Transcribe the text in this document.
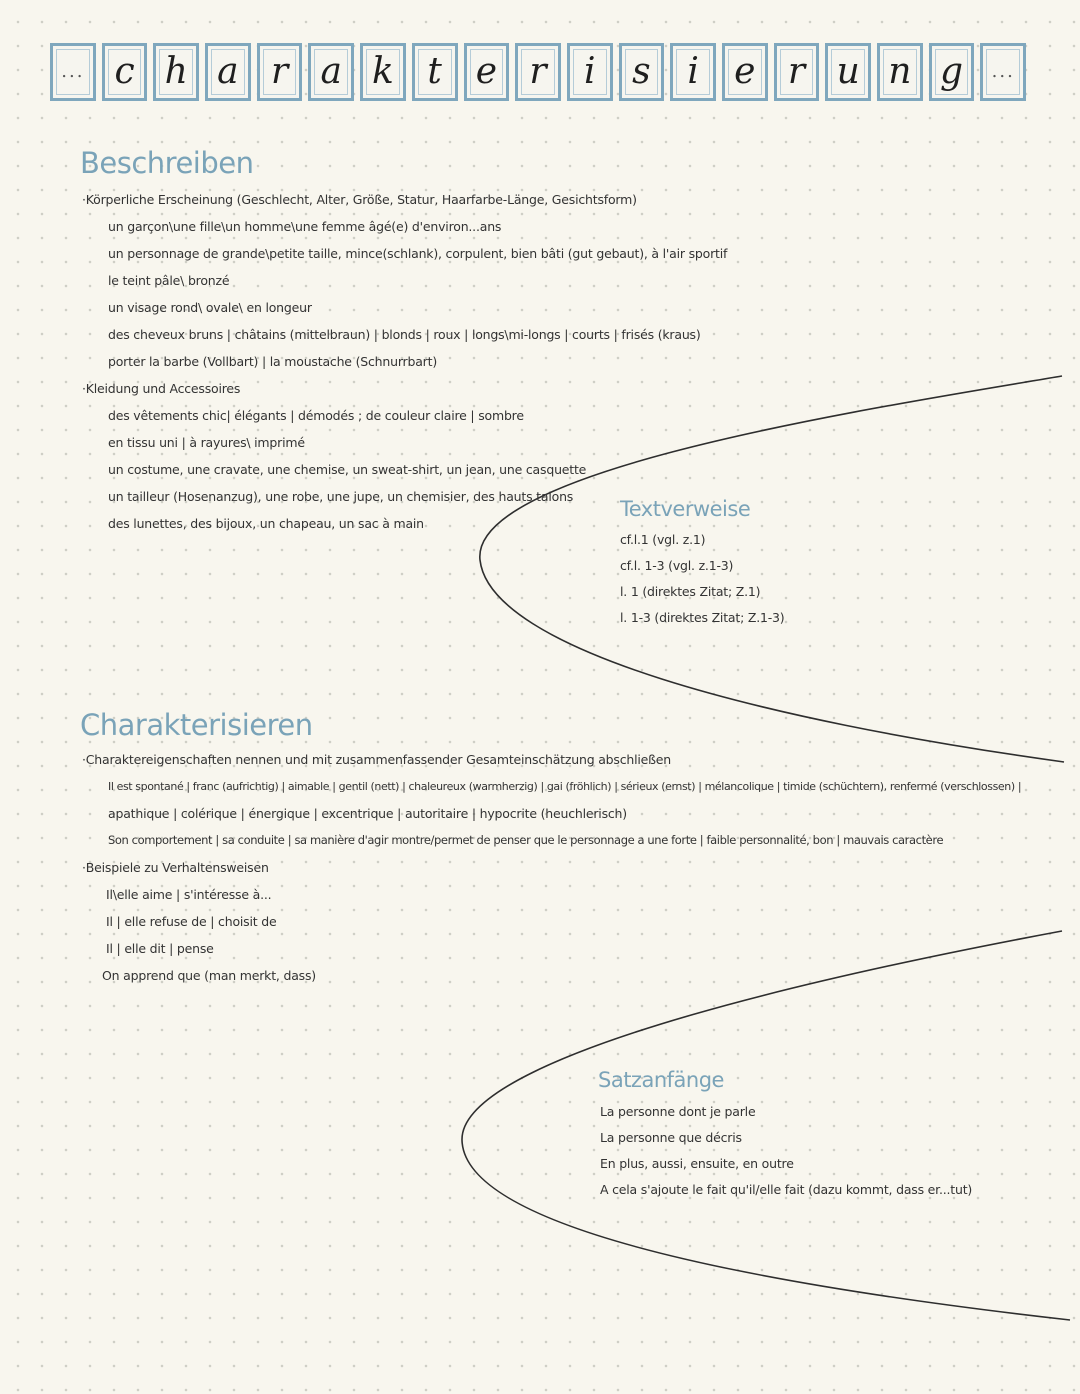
... c h a r a k t e r	i	s	i e r u n g	...
Beschreiben
·Körperliche Erscheinung (Geschlecht, Alter, Größe, Statur, Haarfarbe-Länge, Gesichtsform)
un garçon\une fille\un homme\une femme âgé(e) d'environ...ans
un personnage de grande\petite taille, mince(schlank), corpulent, bien bâti (gut gebaut), à l'air sportif
le teint pâle\ bronzé
un visage rond\ ovale\ en longeur
des cheveux bruns | châtains (mittelbraun) | blonds | roux | longs\mi-longs | courts | frisés (kraus)
porter la barbe (Vollbart) | la moustache (Schnurrbart)
·Kleidung und Accessoires
des vêtements chic| élégants | démodés ; de couleur claire | sombre
en tissu uni | à rayures\ imprimé
un costume, une cravate, une chemise, un sweat-shirt, un jean, une casquette
un tailleur (Hosenanzug), une robe, une jupe, un chemisier, des hauts talons
des lunettes, des bijoux, un chapeau, un sac à main
Textverweise
cf.l.1 (vgl. z.1)
cf.l. 1-3 (vgl. z.1-3)
l. 1 (direktes Zitat; Z.1)
l. 1-3 (direktes Zitat; Z.1-3)
Charakterisieren
·Charaktereigenschaften nennen und mit zusammenfassender Gesamteinschätzung abschließen
Il est spontané | franc (aufrichtig) | aimable | gentil (nett) | chaleureux (warmherzig) | gai (fröhlich) | sérieux (ernst) | mélancolique | timide (schüchtern), renfermé (verschlossen) |
apathique | colérique | énergique | excentrique | autoritaire | hypocrite (heuchlerisch)
Son comportement | sa conduite | sa manière d'agir montre/permet de penser que le personnage a une forte | faible personnalité, bon | mauvais caractère
·Beispiele zu Verhaltensweisen
Il\elle aime | s'intéresse à...
Il | elle refuse de | choisit de
Il | elle dit | pense
On apprend que (man merkt, dass)
Satzanfänge
La personne dont je parle
La personne que décris
En plus, aussi, ensuite, en outre
A cela s'ajoute le fait qu'il/elle fait (dazu kommt, dass er...tut)
